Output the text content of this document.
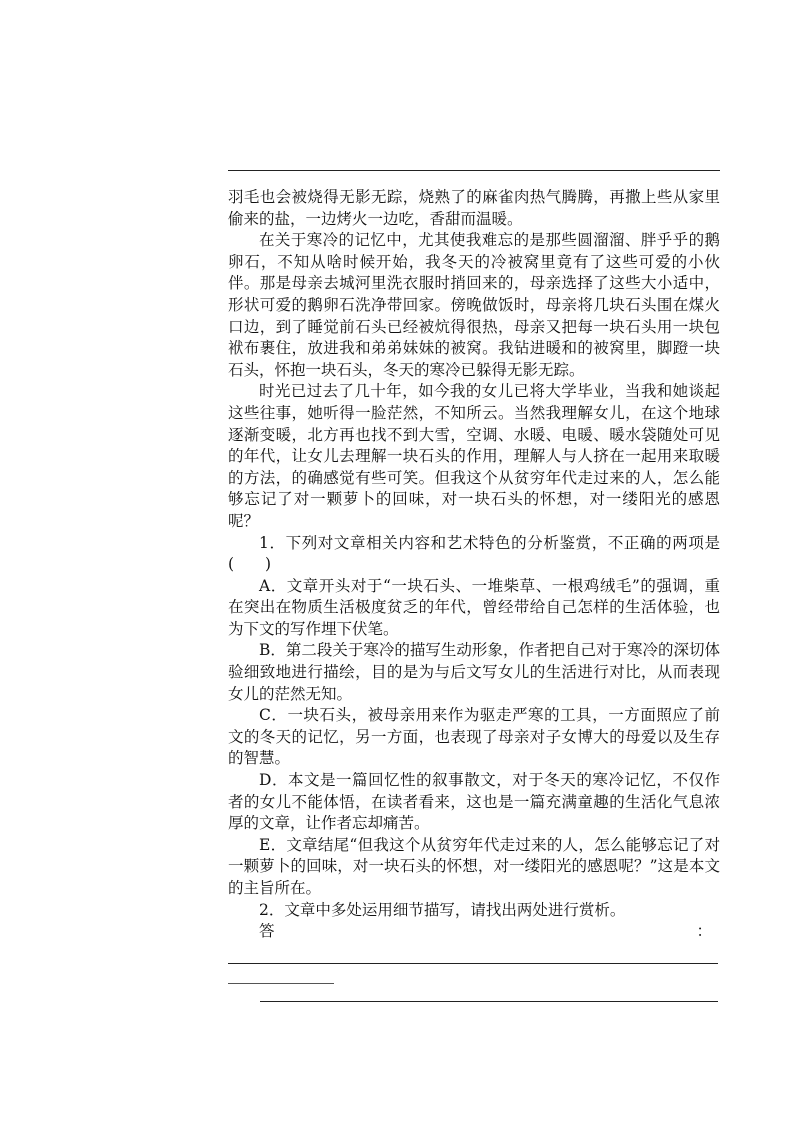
羽毛也会被烧得无影无踪，烧熟了的麻雀肉热气腾腾，再撒上些从家里偷来的盐，一边烤火一边吃，香甜而温暖。

在关于寒冷的记忆中，尤其使我难忘的是那些圆溜溜、胖乎乎的鹅卵石，不知从啥时候开始，我冬天的冷被窝里竟有了这些可爱的小伙伴。那是母亲去城河里洗衣服时捎回来的，母亲选择了这些大小适中，形状可爱的鹅卵石洗净带回家。傍晚做饭时，母亲将几块石头围在煤火口边，到了睡觉前石头已经被炕得很热，母亲又把每一块石头用一块包袱布裹住，放进我和弟弟妹妹的被窝。我钻进暖和的被窝里，脚蹬一块石头，怀抱一块石头，冬天的寒冷已躲得无影无踪。

时光已过去了几十年，如今我的女儿已将大学毕业，当我和她谈起这些往事，她听得一脸茫然，不知所云。当然我理解女儿，在这个地球逐渐变暖，北方再也找不到大雪，空调、水暖、电暖、暖水袋随处可见的年代，让女儿去理解一块石头的作用，理解人与人挤在一起用来取暖的方法，的确感觉有些可笑。但我这个从贫穷年代走过来的人，怎么能够忘记了对一颗萝卜的回味，对一块石头的怀想，对一缕阳光的感恩呢？

1．下列对文章相关内容和艺术特色的分析鉴赏，不正确的两项是(　　)

A．文章开头对于“一块石头、一堆柴草、一根鸡绒毛”的强调，重在突出在物质生活极度贫乏的年代，曾经带给自己怎样的生活体验，也为下文的写作埋下伏笔。

B．第二段关于寒冷的描写生动形象，作者把自己对于寒冷的深切体验细致地进行描绘，目的是为与后文写女儿的生活进行对比，从而表现女儿的茫然无知。

C．一块石头，被母亲用来作为驱走严寒的工具，一方面照应了前文的冬天的记忆，另一方面，也表现了母亲对子女博大的母爱以及生存的智慧。

D．本文是一篇回忆性的叙事散文，对于冬天的寒冷记忆，不仅作者的女儿不能体悟，在读者看来，这也是一篇充满童趣的生活化气息浓厚的文章，让作者忘却痛苦。

E．文章结尾“但我这个从贫穷年代走过来的人，怎么能够忘记了对一颗萝卜的回味，对一块石头的怀想，对一缕阳光的感恩呢？”这是本文的主旨所在。

2．文章中多处运用细节描写，请找出两处进行赏析。

答	：
